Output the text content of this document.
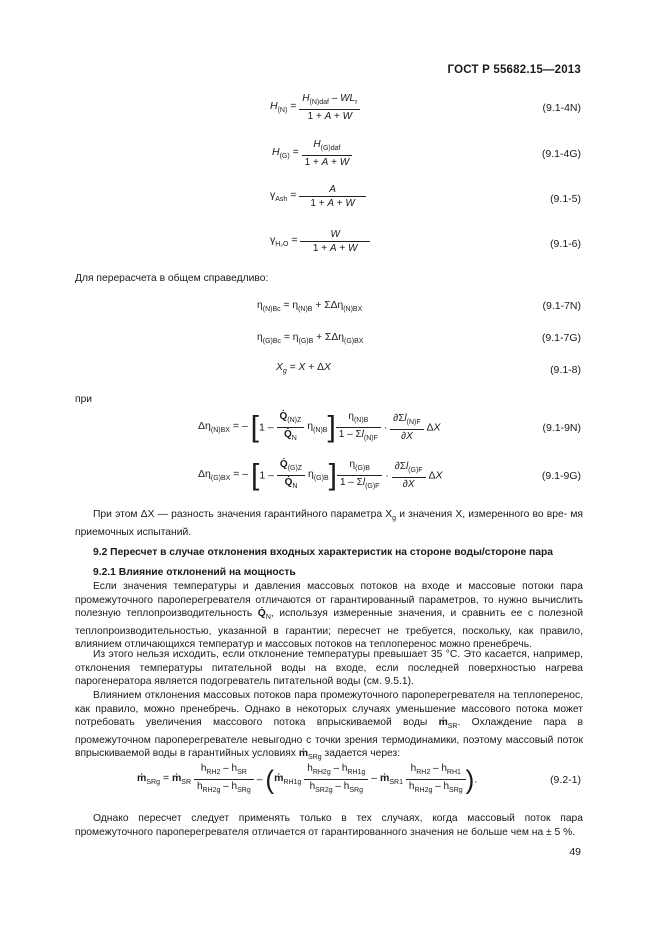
ГОСТ Р 55682.15—2013
$H_{(N)} = \frac{H_{(N)daf} - WL_r}{1 + A + W}$	(9.1-4N)
$H_{(G)} = \frac{H_{(G)daf}}{1 + A + W}$	(9.1-4G)
$\gamma_{Ash} = \frac{A}{1 + A + W}$	(9.1-5)
$\gamma_{H_2O} = \frac{W}{1 + A + W}$	(9.1-6)
Для перерасчета в общем справедливо:
$\eta_{(N)Bc} = \eta_{(N)B} + \Sigma\Delta\eta_{(N)BX}$	(9.1-7N)
$\eta_{(G)Bc} = \eta_{(G)B} + \Sigma\Delta\eta_{(G)BX}$	(9.1-7G)
$X_g = X + \Delta X$	(9.1-8)
при
$\Delta\eta_{(N)BX}$ = – $[1 - \frac{Q̇_{(N)Z}}{Q̇_N} \eta_{(N)B}] \frac{\eta_{(N)B}}{1 - \Sigma l_{(N)F}} \cdot \frac{\partial\Sigma l_{(N)F}}{\partial X}$ ΔX	(9.1-9N)
$\Delta\eta_{(G)BX}$ = – $[1 - \frac{Q̇_{(G)Z}}{Q̇_N} \eta_{(G)B}] \frac{\eta_{(G)B}}{1 - \Sigma l_{(G)F}} \cdot \frac{\partial\Sigma l_{(G)F}}{\partial X}$ ΔX	(9.1-9G)
При этом ΔX — разность значения гарантийного параметра $X_g$ и значения X, измеренного во вре- мя приемочных испытаний.
9.2 Пересчет в случае отклонения входных характеристик на стороне воды/стороне пара
9.2.1 Влияние отклонений на мощность
Если значения температуры и давления массовых потоков на входе и массовые потоки пара промежуточного пароперегревателя отличаются от гарантированный параметров, то нужно вычислить полезную теплопроизводительность $Q̇_N$, используя измеренные значения, и сравнить ее с полезной теплопроизводительностью, указанной в гарантии; пересчет не требуется, поскольку, как правило, влиянием отличающихся температур и массовых потоков на теплоперенос можно пренебречь.
Из этого нельзя исходить, если отклонение температуры превышает 35 °С. Это касается, например, отклонения температуры питательной воды на входе, если последней поверхностью нагрева парогенератора является подогреватель питательной воды (см. 9.5.1).
Влиянием отклонения массовых потоков пара промежуточного пароперегревателя на теплоперенос, как правило, можно пренебречь. Однако в некоторых случаях уменьшение массового потока может потребовать увеличения массового потока впрыскиваемой воды ṁ$_{SR}$. Охлаждение пара в промежуточном пароперегревателе невыгодно с точки зрения термодинамики, поэтому массовый поток впрыскиваемой воды в гарантийных условиях ṁ$_{SRg}$ задается через:
ṁ$_{SRg}$ = ṁ$_{SR}$ $\frac{h_{RH2} - h_{SR}}{h_{RH2g} - h_{SRg}}$ – (ṁ$_{RH1g}$ $\frac{h_{RH2g} - h_{RH1g}}{h_{SR2g} - h_{SRg}}$ – ṁ$_{SR1}$ $\frac{h_{RH2} - h_{RH1}}{h_{RH2g} - h_{SRg}}$ ).	(9.2-1)
Однако пересчет следует применять только в тех случаях, когда массовый поток пара промежуточного пароперегревателя отличается от гарантированного значения не больше чем на ± 5 %.
49
